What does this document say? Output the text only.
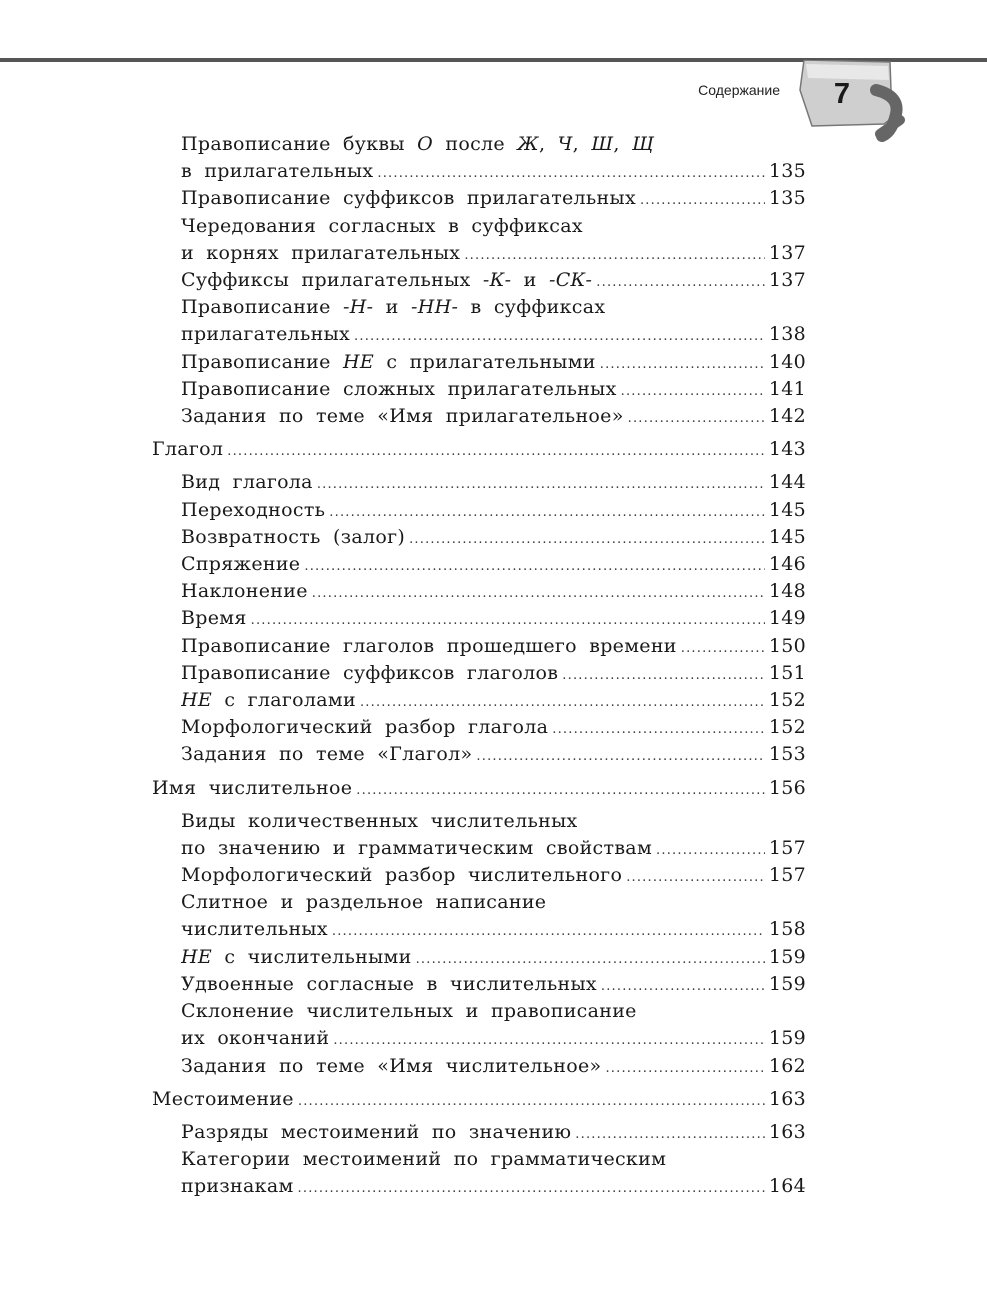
Содержание	7
Правописание буквы О после Ж, Ч, Ш, Щ
в прилагательных .....	135
Правописание суффиксов прилагательных .....	135
Чередования согласных в суффиксах
и корнях прилагательных .....	137
Суффиксы прилагательных -К- и -СК- .....	137
Правописание -Н- и -НН- в суффиксах
прилагательных .....	138
Правописание НЕ с прилагательными .....	140
Правописание сложных прилагательных .....	141
Задания по теме «Имя прилагательное» .....	142
Глагол .....	143
Вид глагола .....	144
Переходность .....	145
Возвратность (залог) .....	145
Спряжение .....	146
Наклонение .....	148
Время .....	149
Правописание глаголов прошедшего времени .....	150
Правописание суффиксов глаголов .....	151
НЕ с глаголами .....	152
Морфологический разбор глагола .....	152
Задания по теме «Глагол» .....	153
Имя числительное .....	156
Виды количественных числительных
по значению и грамматическим свойствам .....	157
Морфологический разбор числительного .....	157
Слитное и раздельное написание
числительных .....	158
НЕ с числительными .....	159
Удвоенные согласные в числительных .....	159
Склонение числительных и правописание
их окончаний .....	159
Задания по теме «Имя числительное» .....	162
Местоимение .....	163
Разряды местоимений по значению .....	163
Категории местоимений по грамматическим
признакам .....	164
